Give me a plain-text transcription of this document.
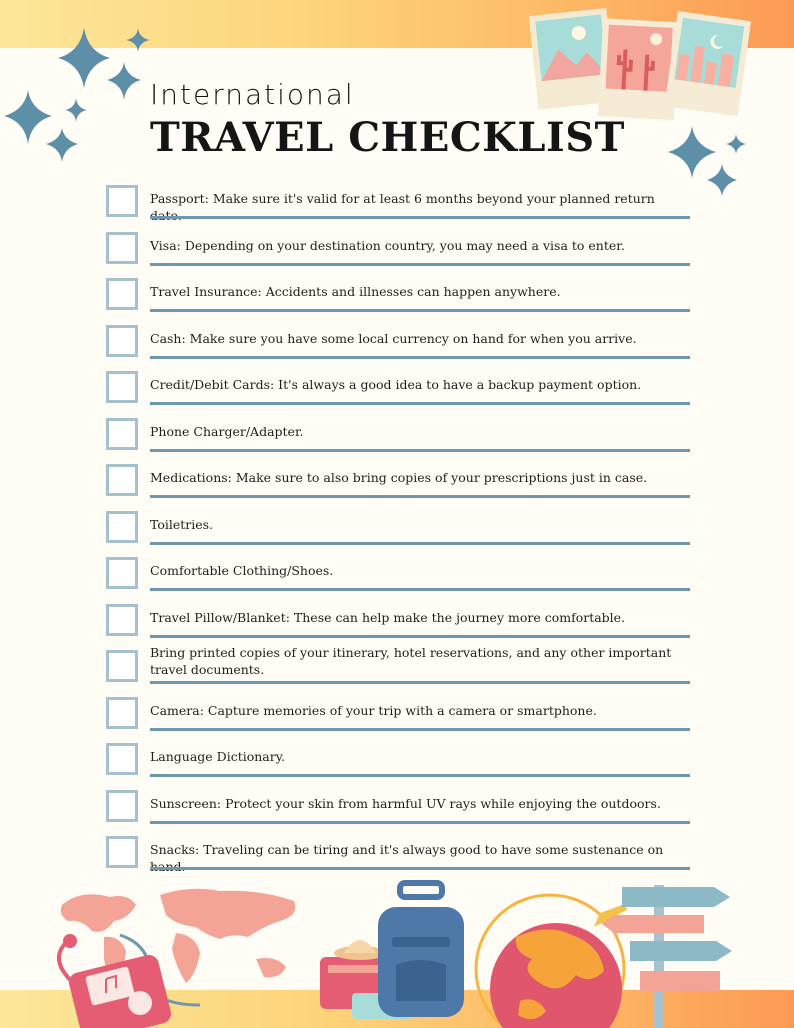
International
TRAVEL CHECKLIST
Passport: Make sure it's valid for at least 6 months beyond your planned return
Visa: Depending on your destination country, you may need a visa to enter.
Travel Insurance: Accidents and illnesses can happen anywhere.
Cash: Make sure you have some local currency on hand for when you arrive.
Credit/Debit Cards: It's always a good idea to have a backup payment option.
Phone Charger/Adapter.
Medications: Make sure to also bring copies of your prescriptions just in case.
Toiletries.
Comfortable Clothing/Shoes.
Travel Pillow/Blanket: These can help make the journey more comfortable.
Bring printed copies of your itinerary, hotel reservations, and any other important travel documents.
Camera: Capture memories of your trip with a camera or smartphone.
Language Dictionary.
Sunscreen: Protect your skin from harmful UV rays while enjoying the outdoors.
Snacks: Traveling can be tiring and it's always good to have some sustenance on
